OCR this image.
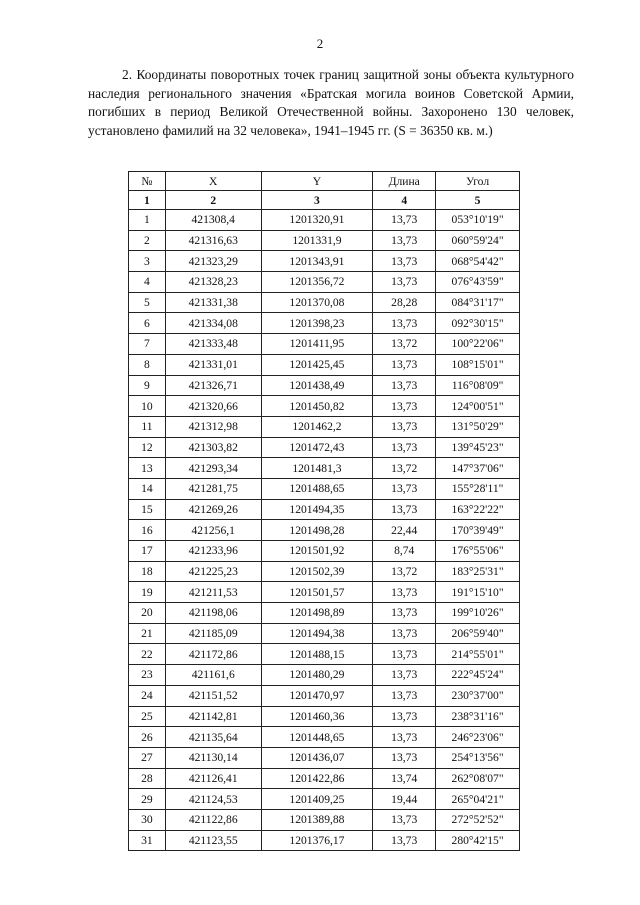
2

2. Координаты поворотных точек границ защитной зоны объекта культурного наследия регионального значения «Братская могила воинов Советской Армии, погибших в период Великой Отечественной войны. Захоронено 130 человек, установлено фамилий на 32 человека», 1941–1945 гг. (S = 36350 кв. м.)

№	X	Y	Длина	Угол
1	2	3	4	5
1	421308,4	1201320,91	13,73	053°10'19"
2	421316,63	1201331,9	13,73	060°59'24"
3	421323,29	1201343,91	13,73	068°54'42"
4	421328,23	1201356,72	13,73	076°43'59"
5	421331,38	1201370,08	28,28	084°31'17"
6	421334,08	1201398,23	13,73	092°30'15"
7	421333,48	1201411,95	13,72	100°22'06"
8	421331,01	1201425,45	13,73	108°15'01"
9	421326,71	1201438,49	13,73	116°08'09"
10	421320,66	1201450,82	13,73	124°00'51"
11	421312,98	1201462,2	13,73	131°50'29"
12	421303,82	1201472,43	13,73	139°45'23"
13	421293,34	1201481,3	13,72	147°37'06"
14	421281,75	1201488,65	13,73	155°28'11"
15	421269,26	1201494,35	13,73	163°22'22"
16	421256,1	1201498,28	22,44	170°39'49"
17	421233,96	1201501,92	8,74	176°55'06"
18	421225,23	1201502,39	13,72	183°25'31"
19	421211,53	1201501,57	13,73	191°15'10"
20	421198,06	1201498,89	13,73	199°10'26"
21	421185,09	1201494,38	13,73	206°59'40"
22	421172,86	1201488,15	13,73	214°55'01"
23	421161,6	1201480,29	13,73	222°45'24"
24	421151,52	1201470,97	13,73	230°37'00"
25	421142,81	1201460,36	13,73	238°31'16"
26	421135,64	1201448,65	13,73	246°23'06"
27	421130,14	1201436,07	13,73	254°13'56"
28	421126,41	1201422,86	13,74	262°08'07"
29	421124,53	1201409,25	19,44	265°04'21"
30	421122,86	1201389,88	13,73	272°52'52"
31	421123,55	1201376,17	13,73	280°42'15"
